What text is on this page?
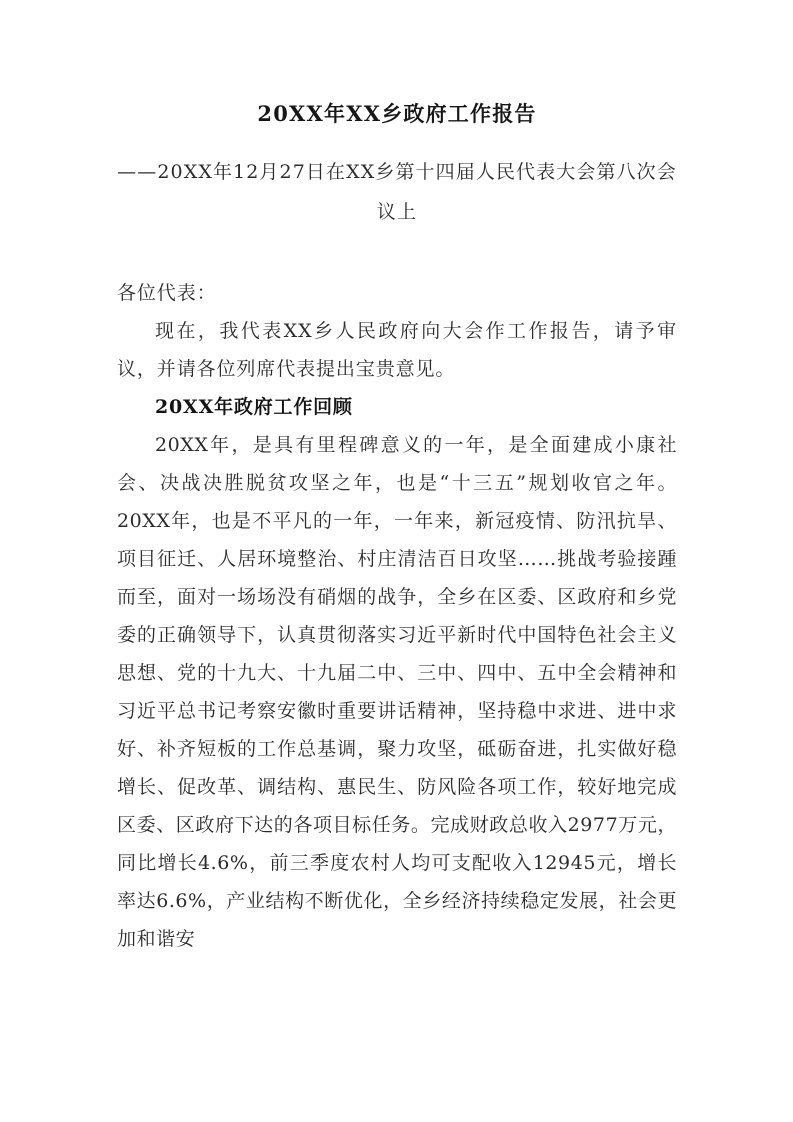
20XX年XX乡政府工作报告
——20XX年12月27日在XX乡第十四届人民代表大会第八次会议上
各位代表：

现在，我代表XX乡人民政府向大会作工作报告，请予审议，并请各位列席代表提出宝贵意见。

20XX年政府工作回顾

20XX年，是具有里程碑意义的一年，是全面建成小康社会、决战决胜脱贫攻坚之年，也是“十三五”规划收官之年。20XX年，也是不平凡的一年，一年来，新冠疫情、防汛抗旱、项目征迁、人居环境整治、村庄清洁百日攻坚……挑战考验接踵而至，面对一场场没有硝烟的战争，全乡在区委、区政府和乡党委的正确领导下，认真贯彻落实习近平新时代中国特色社会主义思想、党的十九大、十九届二中、三中、四中、五中全会精神和习近平总书记考察安徽时重要讲话精神，坚持稳中求进、进中求好、补齐短板的工作总基调，聚力攻坚，砥砺奋进，扎实做好稳增长、促改革、调结构、惠民生、防风险各项工作，较好地完成区委、区政府下达的各项目标任务。完成财政总收入2977万元，同比增长4.6%，前三季度农村人均可支配收入12945元，增长率达6.6%，产业结构不断优化，全乡经济持续稳定发展，社会更加和谐安
